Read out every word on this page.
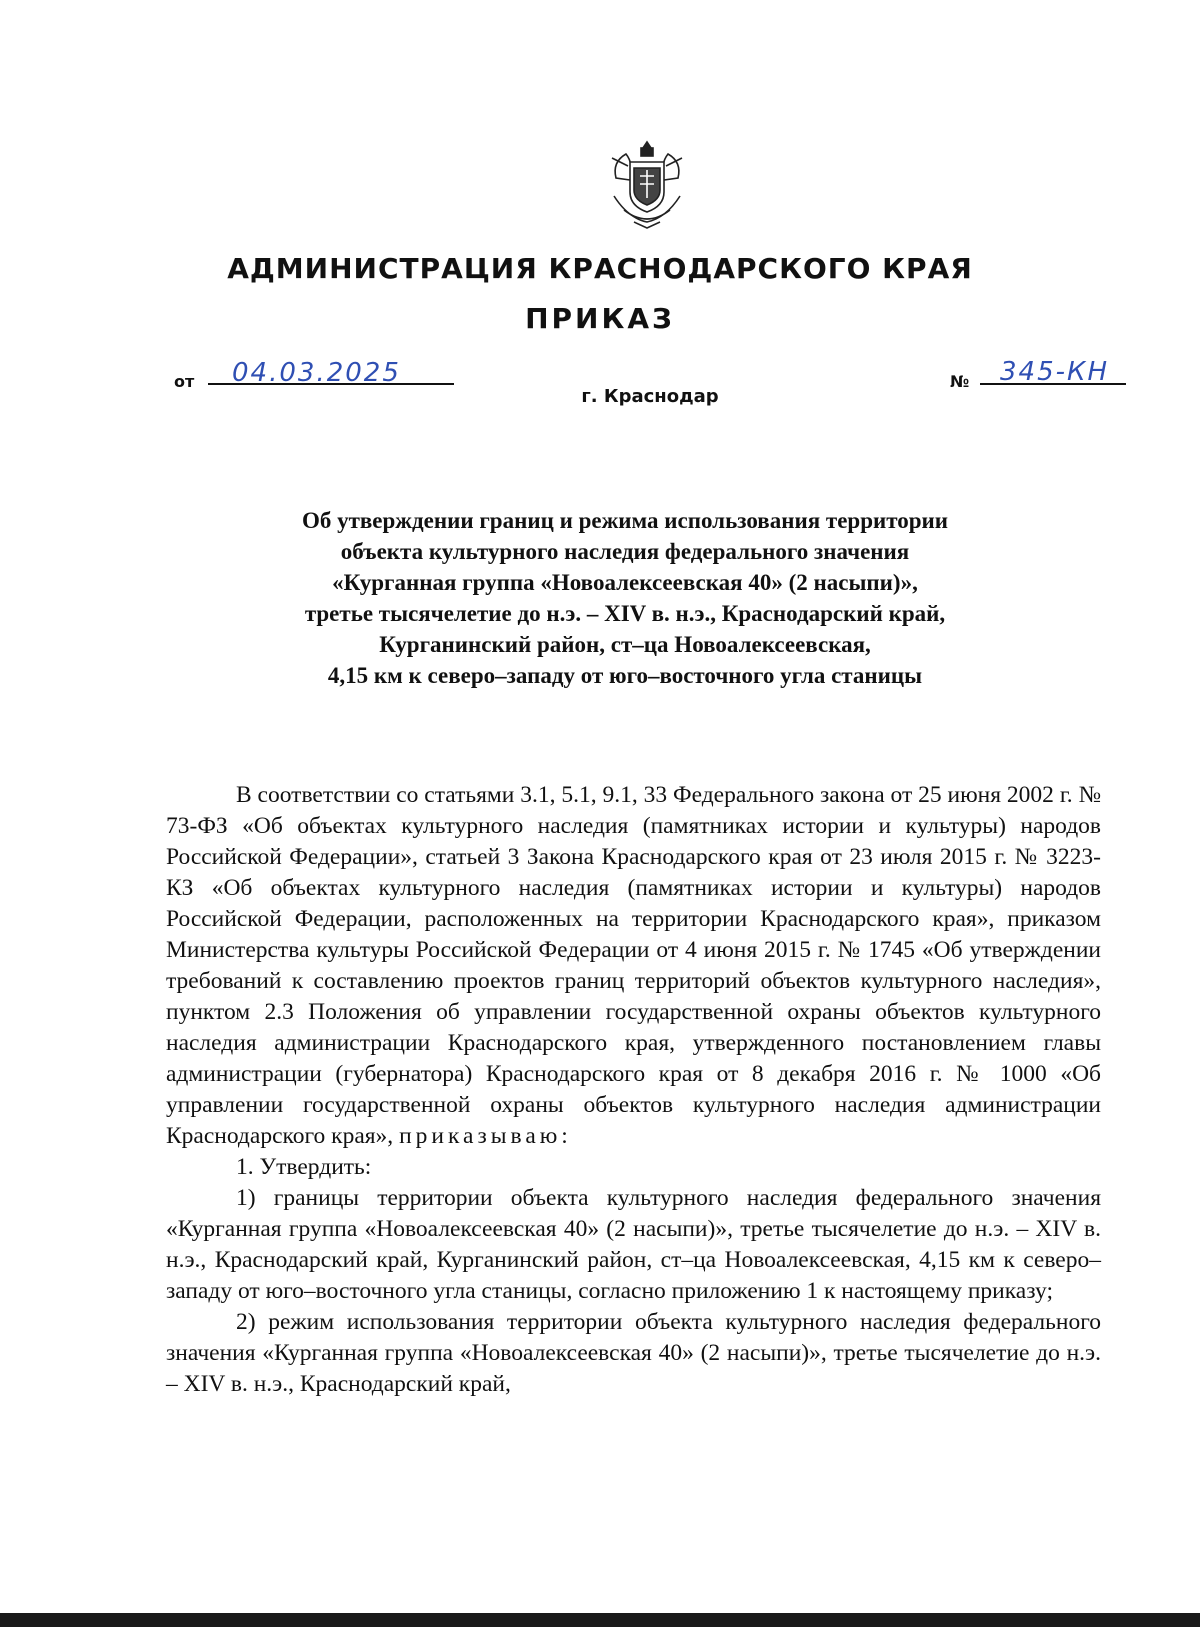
АДМИНИСТРАЦИЯ КРАСНОДАРСКОГО КРАЯ
ПРИКАЗ
от 04.03.2025	№ 345-КН
г. Краснодар
Об утверждении границ и режима использования территории
объекта культурного наследия федерального значения
«Курганная группа «Новоалексеевская 40» (2 насыпи)»,
третье тысячелетие до н.э. – XIV в. н.э., Краснодарский край,
Курганинский район, ст–ца Новоалексеевская,
4,15 км к северо–западу от юго–восточного угла станицы

В соответствии со статьями 3.1, 5.1, 9.1, 33 Федерального закона от 25 июня 2002 г. № 73-ФЗ «Об объектах культурного наследия (памятниках истории и культуры) народов Российской Федерации», статьей 3 Закона Краснодарского края от 23 июля 2015 г. № 3223-КЗ «Об объектах культурного наследия (памятниках истории и культуры) народов Российской Федерации, расположенных на территории Краснодарского края», приказом Министерства культуры Российской Федерации от 4 июня 2015 г. № 1745 «Об утверждении требований к составлению проектов границ территорий объектов культурного наследия», пунктом 2.3 Положения об управлении государственной охраны объектов культурного наследия администрации Краснодарского края, утвержденного постановлением главы администрации (губернатора) Краснодарского края от 8 декабря 2016 г. № 1000 «Об управлении государственной охраны объектов культурного наследия администрации Краснодарского края», приказываю:

1. Утвердить:

1) границы территории объекта культурного наследия федерального значения «Курганная группа «Новоалексеевская 40» (2 насыпи)», третье тысячелетие до н.э. – XIV в. н.э., Краснодарский край, Курганинский район, ст–ца Новоалексеевская, 4,15 км к северо–западу от юго–восточного угла станицы, согласно приложению 1 к настоящему приказу;

2) режим использования территории объекта культурного наследия федерального значения «Курганная группа «Новоалексеевская 40» (2 насыпи)», третье тысячелетие до н.э. – XIV в. н.э., Краснодарский край,
